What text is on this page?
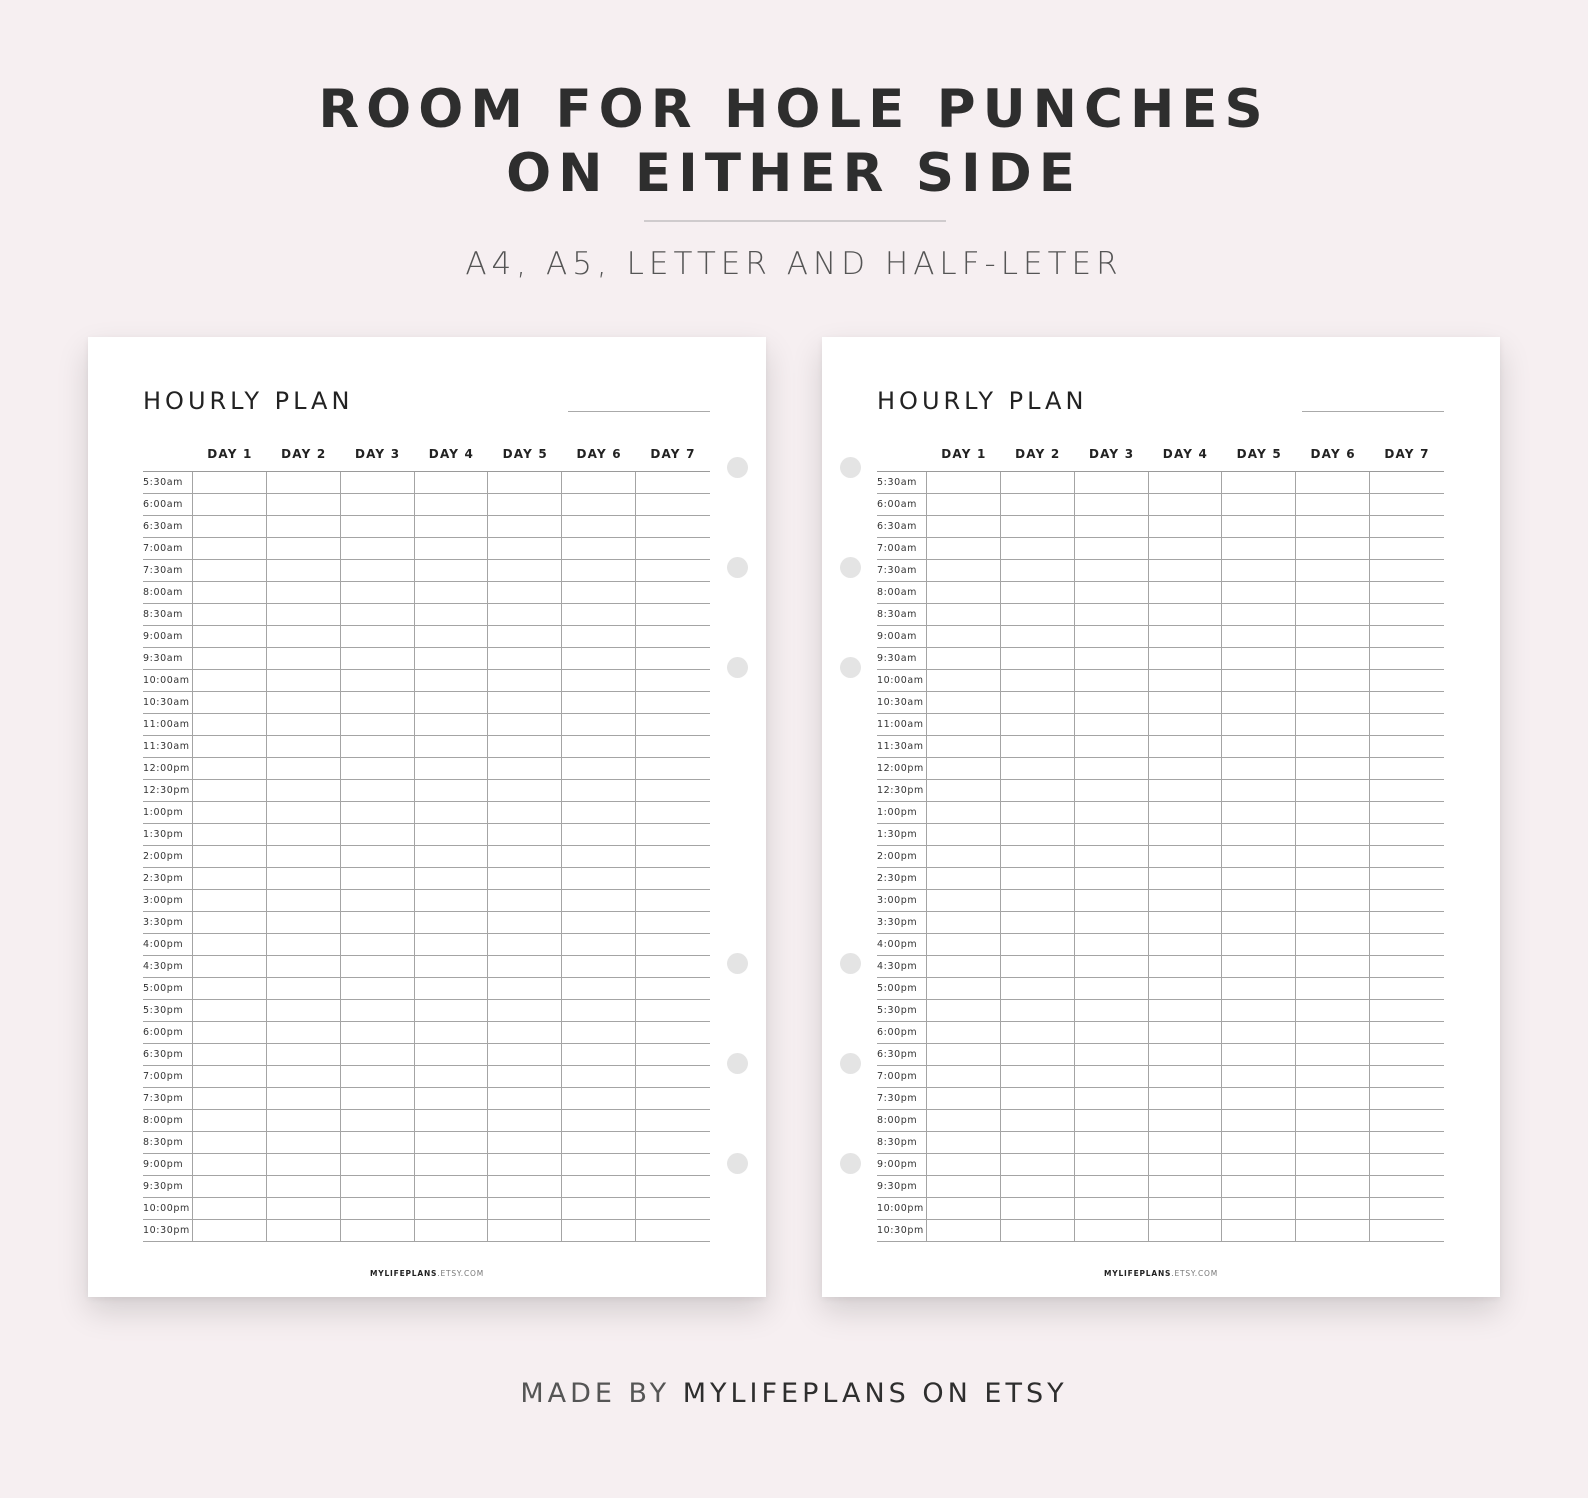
ROOM FOR HOLE PUNCHES
ON EITHER SIDE
A4, A5, LETTER AND HALF-LETER
HOURLY PLAN
DAY 1	DAY 2	DAY 3	DAY 4	DAY 5	DAY 6	DAY 7
5:30am
6:00am
6:30am
7:00am
7:30am
8:00am
8:30am
9:00am
9:30am
10:00am
10:30am
11:00am
11:30am
12:00pm
12:30pm
1:00pm
1:30pm
2:00pm
2:30pm
3:00pm
3:30pm
4:00pm
4:30pm
5:00pm
5:30pm
6:00pm
6:30pm
7:00pm
7:30pm
8:00pm
8:30pm
9:00pm
9:30pm
10:00pm
10:30pm
MYLIFEPLANS.ETSY.COM
HOURLY PLAN
DAY 1	DAY 2	DAY 3	DAY 4	DAY 5	DAY 6	DAY 7
5:30am
6:00am
6:30am
7:00am
7:30am
8:00am
8:30am
9:00am
9:30am
10:00am
10:30am
11:00am
11:30am
12:00pm
12:30pm
1:00pm
1:30pm
2:00pm
2:30pm
3:00pm
3:30pm
4:00pm
4:30pm
5:00pm
5:30pm
6:00pm
6:30pm
7:00pm
7:30pm
8:00pm
8:30pm
9:00pm
9:30pm
10:00pm
10:30pm
MYLIFEPLANS.ETSY.COM
MADE BY MYLIFEPLANS ON ETSY
